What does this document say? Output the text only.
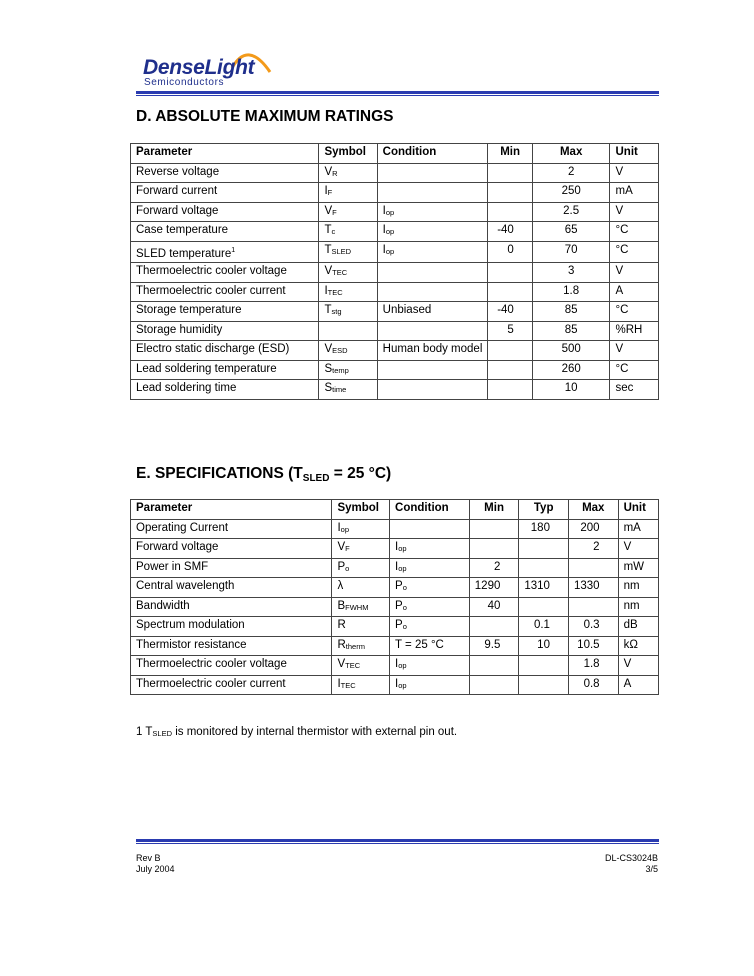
DenseLight
Semiconductors
D. ABSOLUTE MAXIMUM RATINGS
Parameter	Symbol	Condition	Min	Max	Unit
Reverse voltage	VR			2	V
Forward current	IF			250	mA
Forward voltage	VF	Iop		2.5	V
Case temperature	Tc	Iop	-40	65	°C
SLED temperature$^1$	TSLED	Iop	0	70	°C
Thermoelectric cooler voltage	VTEC			3	V
Thermoelectric cooler current	ITEC			1.8	A
Storage temperature	Tstg	Unbiased	-40	85	°C
Storage humidity			5	85	%RH
Electro static discharge (ESD)	VESD	Human body model		500	V
Lead soldering temperature	Stemp			260	°C
Lead soldering time	Stime			10	sec
E. SPECIFICATIONS ($T_{SLED} = 25$ °C)
Parameter	Symbol	Condition	Min	Typ	Max	Unit
Operating Current	Iop			180	200	mA
Forward voltage	VF	Iop			2	V
Power in SMF	Po	Iop	2			mW
Central wavelength	λ	Po	1290	1310	1330	nm
Bandwidth	BFWHM	Po	40			nm
Spectrum modulation	R	Po		0.1	0.3	dB
Thermistor resistance	Rtherm	T = 25 °C	9.5	10	10.5	kΩ
Thermoelectric cooler voltage	VTEC	Iop			1.8	V
Thermoelectric cooler current	ITEC	Iop			0.8	A
1 TSLED is monitored by internal thermistor with external pin out.
Rev B
July 2004
DL-CS3024B
3/5
